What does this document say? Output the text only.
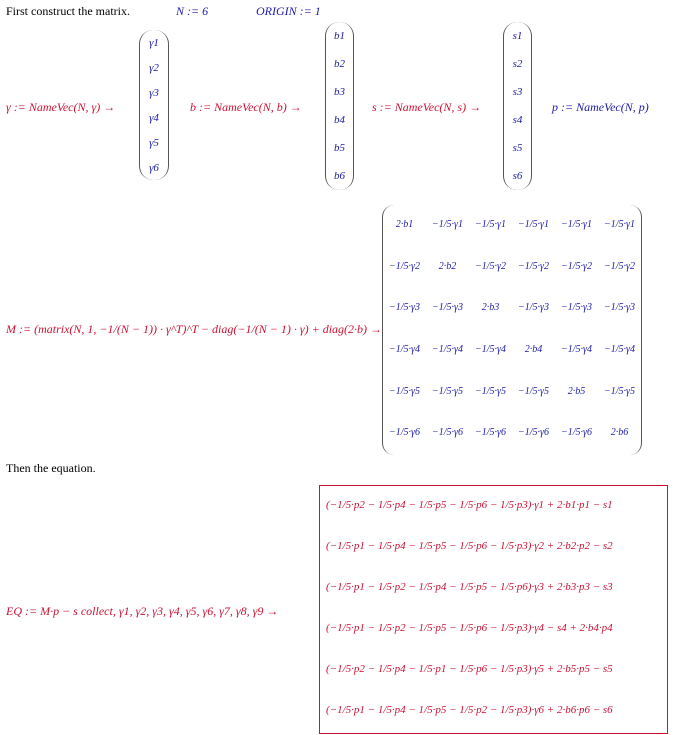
First construct the matrix.	N := 6	ORIGIN := 1
γ := NameVec(N, γ) →
γ1
γ2
γ3
γ4
γ5
γ6
b := NameVec(N, b) →
b1
b2
b3
b4
b5
b6
s := NameVec(N, s) →
s1
s2
s3
s4
s5
s6
p := NameVec(N, p)
M := (matrix(N, 1, −1/(N − 1)) · γ^T)^T − diag(−1/(N − 1) · γ) + diag(2·b) →
2·b1	−1/5·γ1	−1/5·γ1	−1/5·γ1	−1/5·γ1	−1/5·γ1
−1/5·γ2	2·b2	−1/5·γ2	−1/5·γ2	−1/5·γ2	−1/5·γ2
−1/5·γ3	−1/5·γ3	2·b3	−1/5·γ3	−1/5·γ3	−1/5·γ3
−1/5·γ4	−1/5·γ4	−1/5·γ4	2·b4	−1/5·γ4	−1/5·γ4
−1/5·γ5	−1/5·γ5	−1/5·γ5	−1/5·γ5	2·b5	−1/5·γ5
−1/5·γ6	−1/5·γ6	−1/5·γ6	−1/5·γ6	−1/5·γ6	2·b6
Then the equation.
EQ := M·p − s collect, γ1, γ2, γ3, γ4, γ5, γ6, γ7, γ8, γ9 →
(−1/5·p2 − 1/5·p4 − 1/5·p5 − 1/5·p6 − 1/5·p3)·γ1 + 2·b1·p1 − s1
(−1/5·p1 − 1/5·p4 − 1/5·p5 − 1/5·p6 − 1/5·p3)·γ2 + 2·b2·p2 − s2
(−1/5·p1 − 1/5·p2 − 1/5·p4 − 1/5·p5 − 1/5·p6)·γ3 + 2·b3·p3 − s3
(−1/5·p1 − 1/5·p2 − 1/5·p5 − 1/5·p6 − 1/5·p3)·γ4 − s4 + 2·b4·p4
(−1/5·p2 − 1/5·p4 − 1/5·p1 − 1/5·p6 − 1/5·p3)·γ5 + 2·b5·p5 − s5
(−1/5·p1 − 1/5·p4 − 1/5·p5 − 1/5·p2 − 1/5·p3)·γ6 + 2·b6·p6 − s6
